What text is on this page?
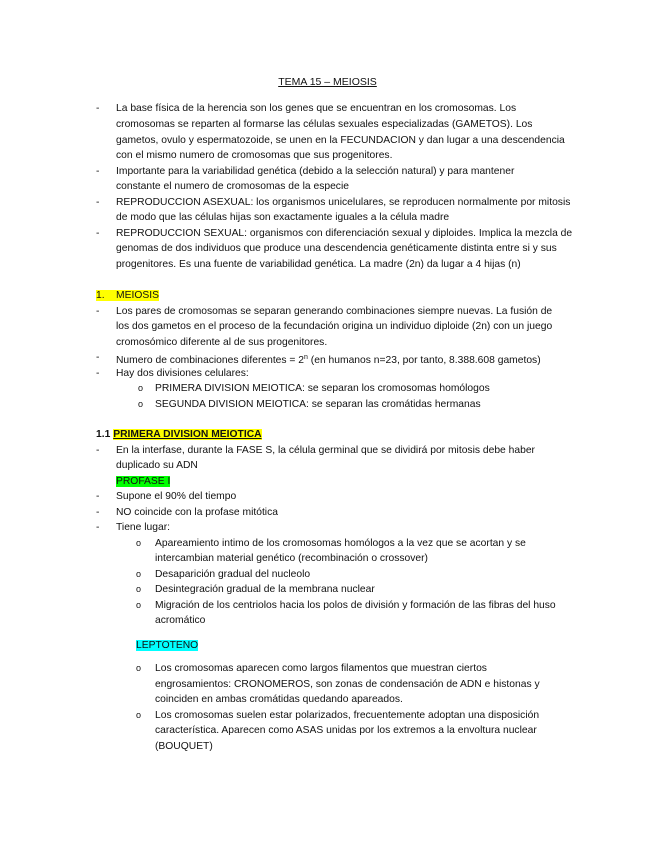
TEMA 15 – MEIOSIS
- La base física de la herencia son los genes que se encuentran en los cromosomas. Los
cromosomas se reparten al formarse las células sexuales especializadas (GAMETOS). Los
gametos, ovulo y espermatozoide, se unen en la FECUNDACION y dan lugar a una descendencia
con el mismo numero de cromosomas que sus progenitores.
- Importante para la variabilidad genética (debido a la selección natural) y para mantener
constante el numero de cromosomas de la especie
- REPRODUCCION ASEXUAL: los organismos unicelulares, se reproducen normalmente por mitosis
de modo que las células hijas son exactamente iguales a la célula madre
- REPRODUCCION SEXUAL: organismos con diferenciación sexual y diploides. Implica la mezcla de
genomas de dos individuos que produce una descendencia genéticamente distinta entre si y sus
progenitores. Es una fuente de variabilidad genética. La madre (2n) da lugar a 4 hijas (n)
1. MEIOSIS
- Los pares de cromosomas se separan generando combinaciones siempre nuevas. La fusión de
los dos gametos en el proceso de la fecundación origina un individuo diploide (2n) con un juego
cromosómico diferente al de sus progenitores.
- Numero de combinaciones diferentes = $2^n$ (en humanos n=23, por tanto, 8.388.608 gametos)
- Hay dos divisiones celulares:
o PRIMERA DIVISION MEIOTICA: se separan los cromosomas homólogos
o SEGUNDA DIVISION MEIOTICA: se separan las cromátidas hermanas
1.1 PRIMERA DIVISION MEIOTICA
- En la interfase, durante la FASE S, la célula germinal que se dividirá por mitosis debe haber
duplicado su ADN
PROFASE I
- Supone el 90% del tiempo
- NO coincide con la profase mitótica
- Tiene lugar:
o Apareamiento intimo de los cromosomas homólogos a la vez que se acortan y se
intercambian material genético (recombinación o crossover)
o Desaparición gradual del nucleolo
o Desintegración gradual de la membrana nuclear
o Migración de los centriolos hacia los polos de división y formación de las fibras del huso
acromático
LEPTOTENO
o Los cromosomas aparecen como largos filamentos que muestran ciertos
engrosamientos: CRONOMEROS, son zonas de condensación de ADN e histonas y
coinciden en ambas cromátidas quedando apareados.
o Los cromosomas suelen estar polarizados, frecuentemente adoptan una disposición
característica. Aparecen como ASAS unidas por los extremos a la envoltura nuclear
(BOUQUET)
